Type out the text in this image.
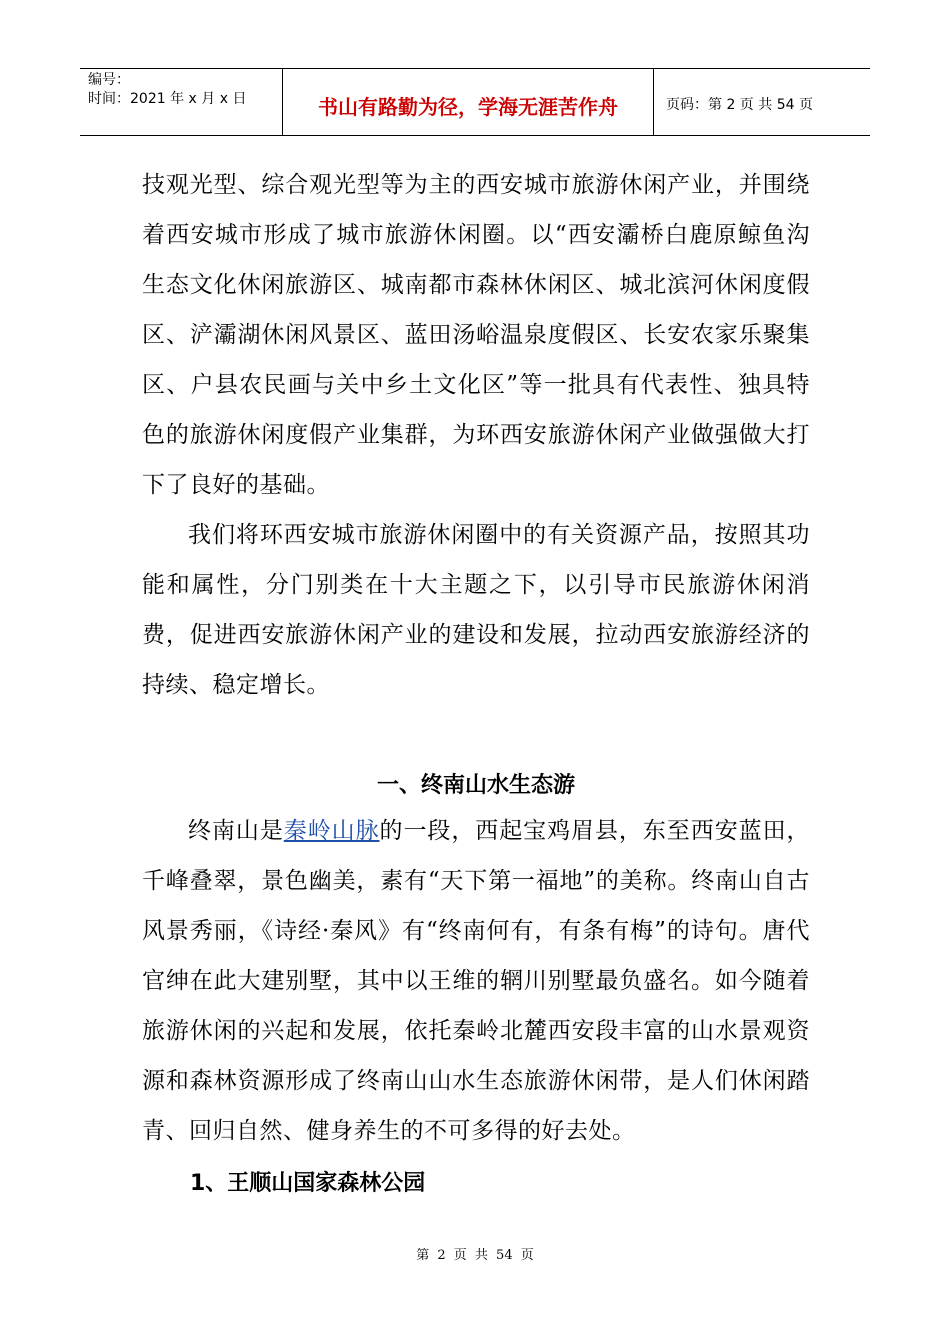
编号：
时间：2021 年 x 月 x 日	书山有路勤为径，学海无涯苦作舟	页码：第 2 页 共 54 页

技观光型、综合观光型等为主的西安城市旅游休闲产业，并围绕着西安城市形成了城市旅游休闲圈。以“西安灞桥白鹿原鲸鱼沟生态文化休闲旅游区、城南都市森林休闲区、城北滨河休闲度假区、浐灞湖休闲风景区、蓝田汤峪温泉度假区、长安农家乐聚集区、户县农民画与关中乡土文化区”等一批具有代表性、独具特色的旅游休闲度假产业集群，为环西安旅游休闲产业做强做大打下了良好的基础。

我们将环西安城市旅游休闲圈中的有关资源产品，按照其功能和属性，分门别类在十大主题之下，以引导市民旅游休闲消费，促进西安旅游休闲产业的建设和发展，拉动西安旅游经济的持续、稳定增长。

一、终南山水生态游

终南山是秦岭山脉的一段，西起宝鸡眉县，东至西安蓝田，千峰叠翠，景色幽美，素有“天下第一福地”的美称。终南山自古风景秀丽，《诗经·秦风》有“终南何有，有条有梅”的诗句。唐代官绅在此大建别墅，其中以王维的辋川别墅最负盛名。如今随着旅游休闲的兴起和发展，依托秦岭北麓西安段丰富的山水景观资源和森林资源形成了终南山山水生态旅游休闲带，是人们休闲踏青、回归自然、健身养生的不可多得的好去处。

1、王顺山国家森林公园
第 2 页 共 54 页
